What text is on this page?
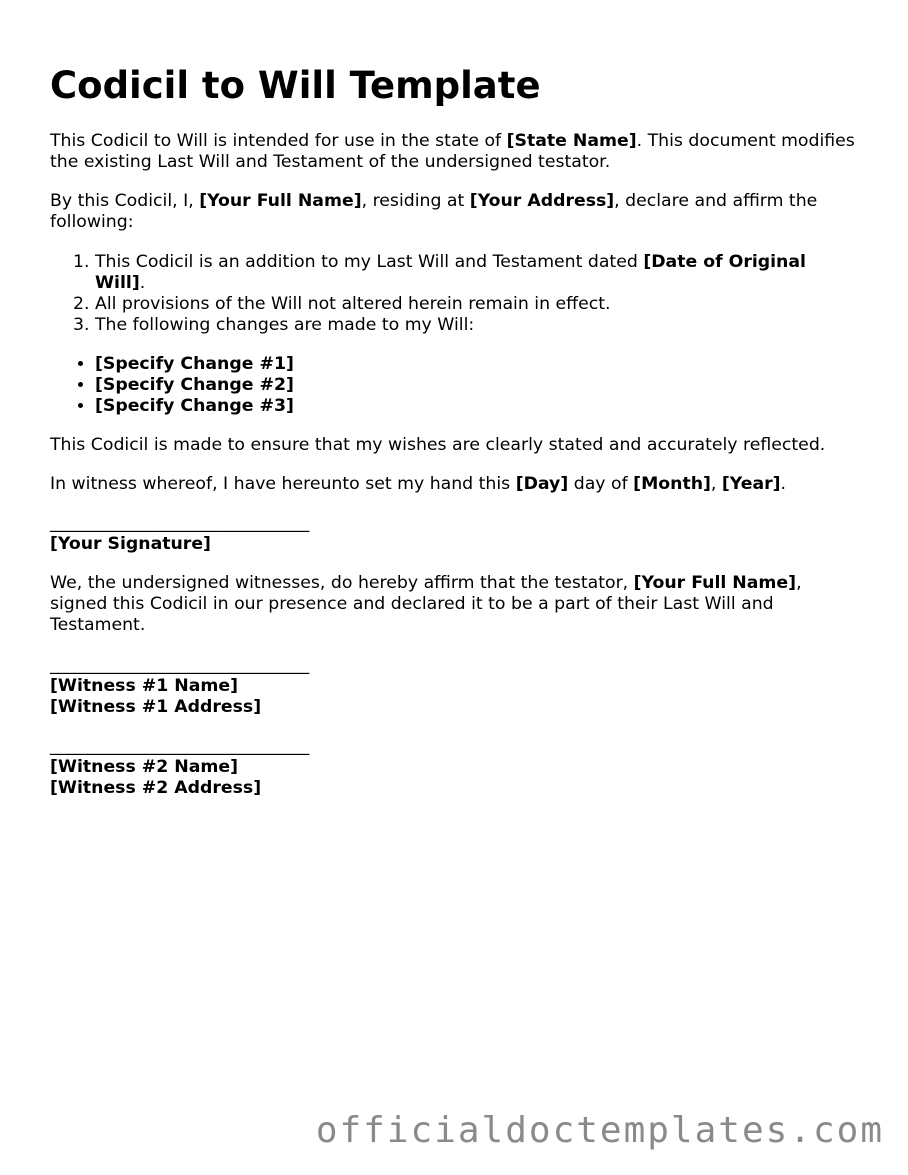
Codicil to Will Template

This Codicil to Will is intended for use in the state of [State Name]. This document modifies the existing Last Will and Testament of the undersigned testator.

By this Codicil, I, [Your Full Name], residing at [Your Address], declare and affirm the following:

1. This Codicil is an addition to my Last Will and Testament dated [Date of Original Will].
2. All provisions of the Will not altered herein remain in effect.
3. The following changes are made to my Will:
• [Specify Change #1]
• [Specify Change #2]
• [Specify Change #3]

This Codicil is made to ensure that my wishes are clearly stated and accurately reflected.

In witness whereof, I have hereunto set my hand this [Day] day of [Month], [Year].

______________________________
[Your Signature]

We, the undersigned witnesses, do hereby affirm that the testator, [Your Full Name], signed this Codicil in our presence and declared it to be a part of their Last Will and Testament.

______________________________
[Witness #1 Name]
[Witness #1 Address]
______________________________
[Witness #2 Name]
[Witness #2 Address]
officialdoctemplates.com
